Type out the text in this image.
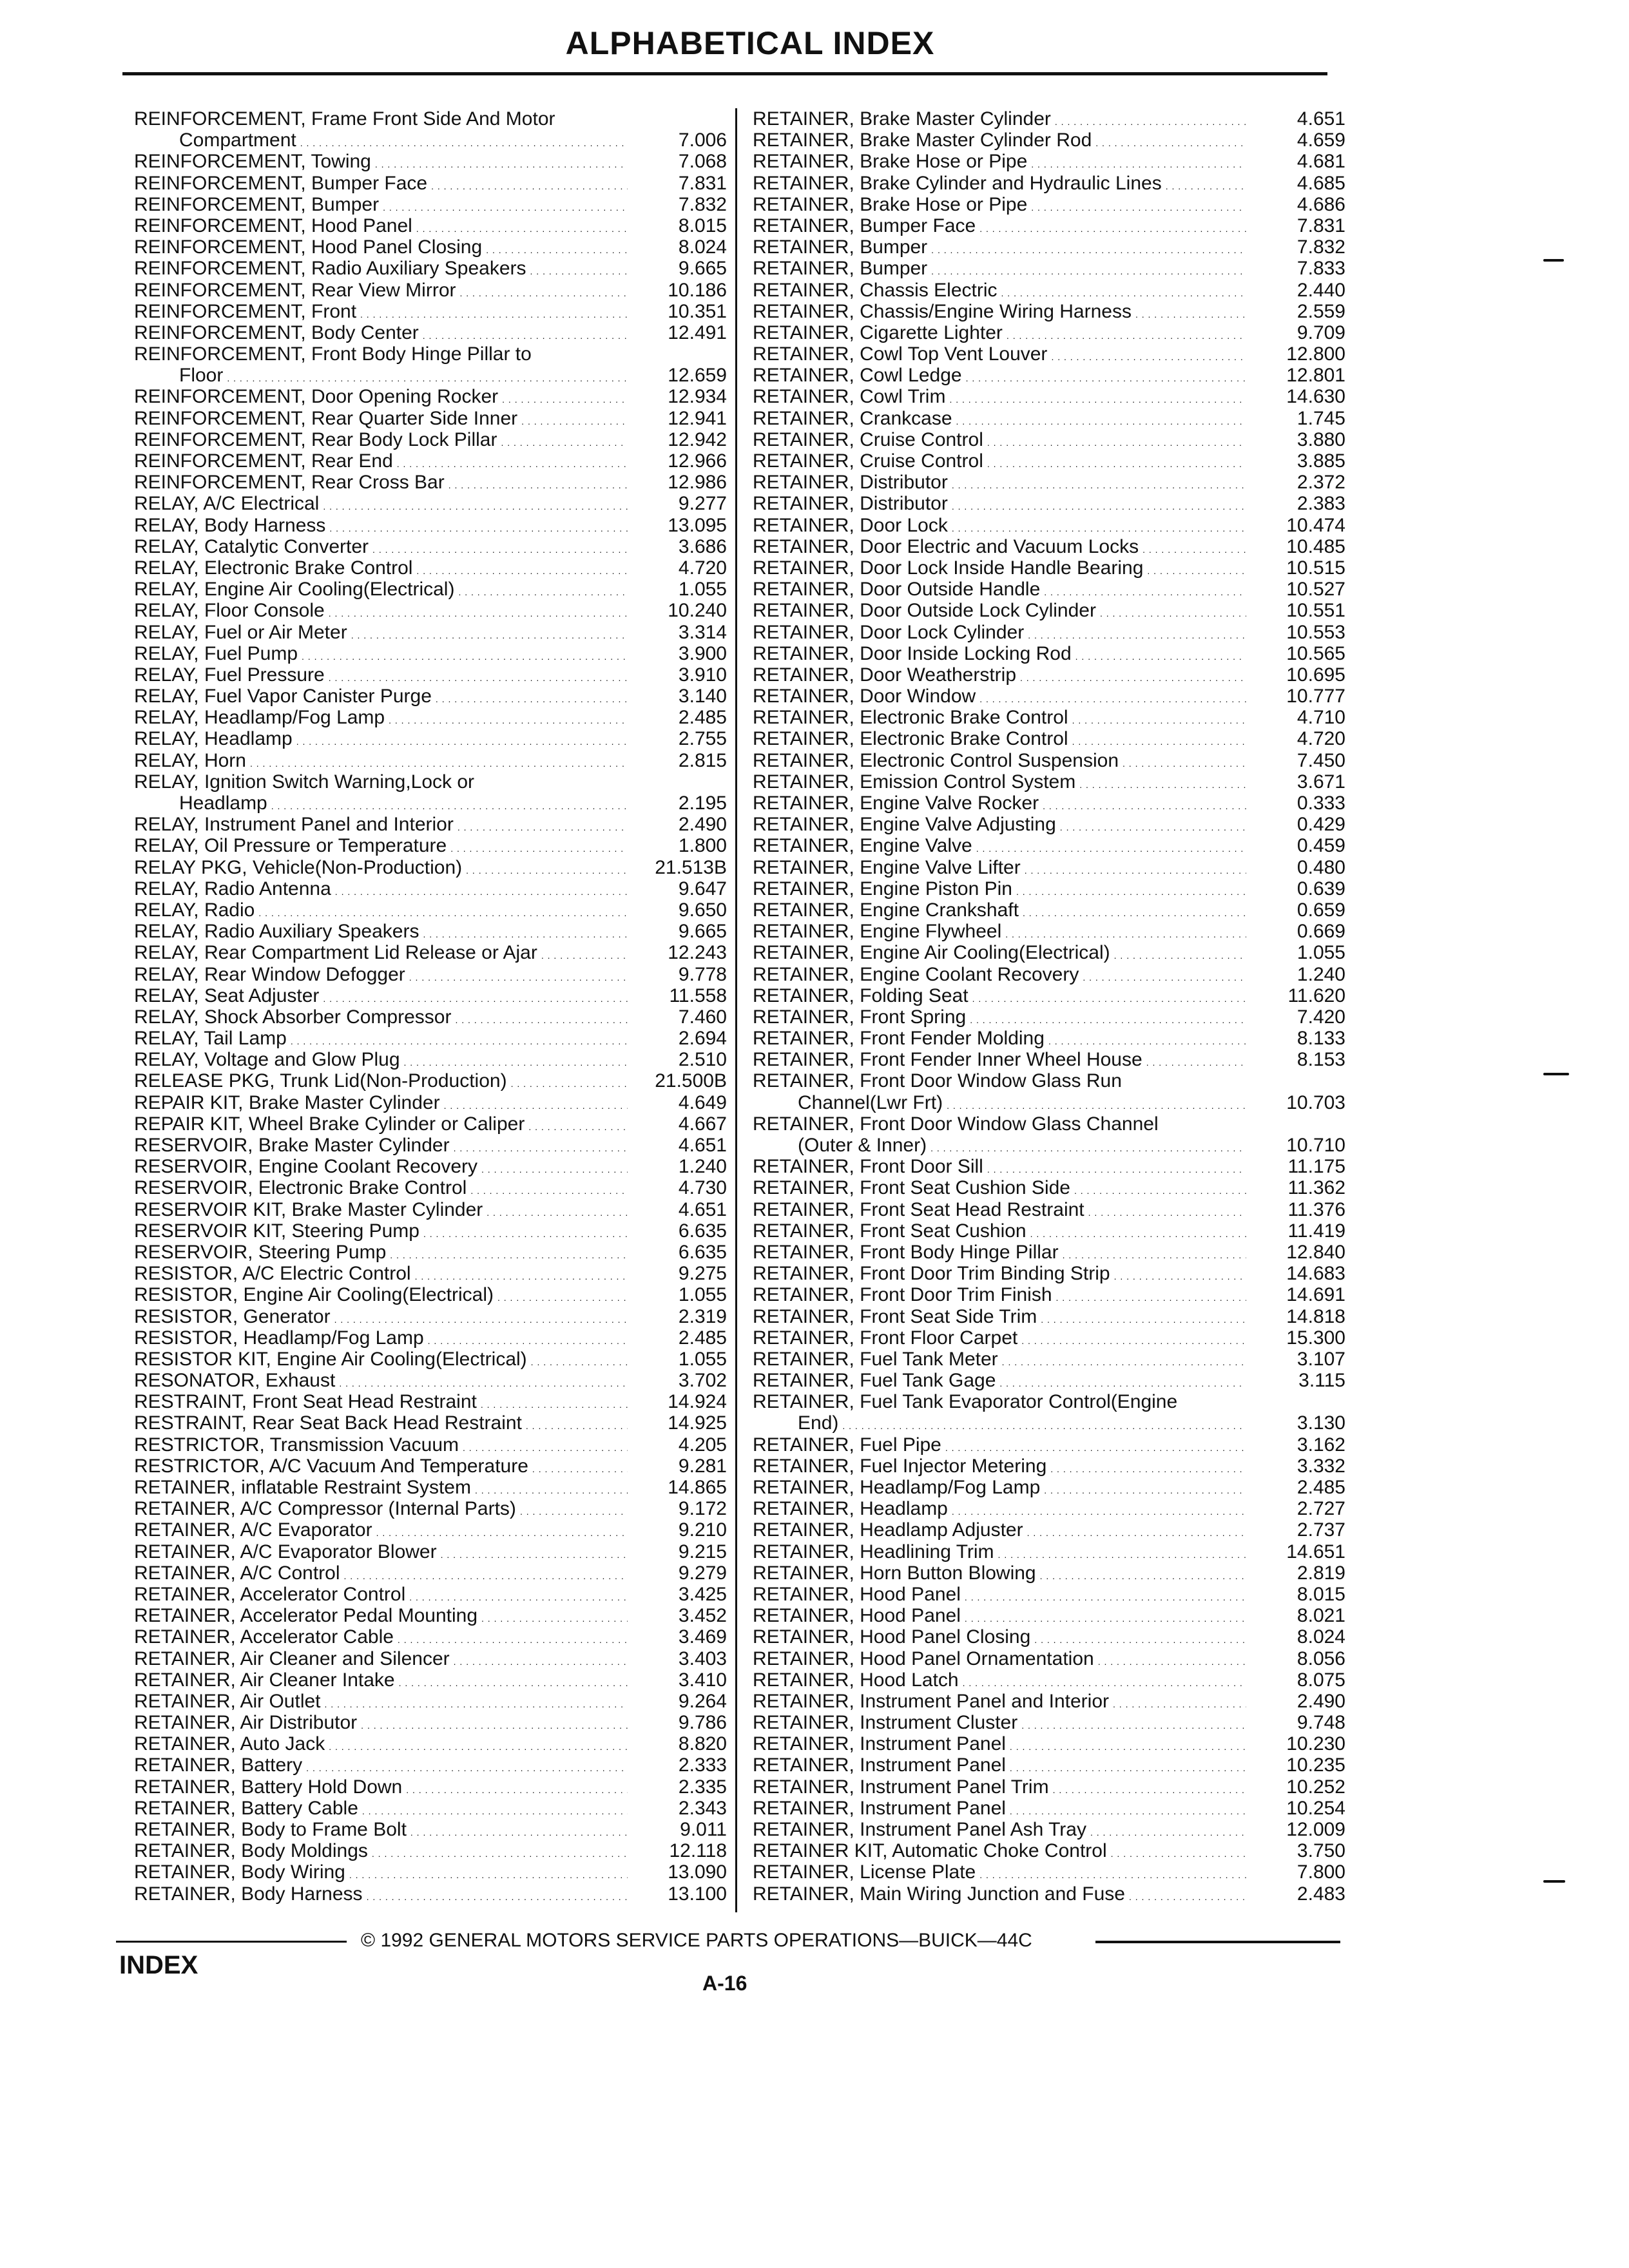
ALPHABETICAL INDEX
REINFORCEMENT, Frame Front Side And Motor
Compartment . . .	7.006
REINFORCEMENT, Towing . . .	7.068
REINFORCEMENT, Bumper Face . . .	7.831
REINFORCEMENT, Bumper . . .	7.832
REINFORCEMENT, Hood Panel . . .	8.015
REINFORCEMENT, Hood Panel Closing . . .	8.024
REINFORCEMENT, Radio Auxiliary Speakers . . .	9.665
REINFORCEMENT, Rear View Mirror . . .	10.186
REINFORCEMENT, Front . . .	10.351
REINFORCEMENT, Body Center . . .	12.491
REINFORCEMENT, Front Body Hinge Pillar to
Floor . . .	12.659
REINFORCEMENT, Door Opening Rocker . . .	12.934
REINFORCEMENT, Rear Quarter Side Inner . . .	12.941
REINFORCEMENT, Rear Body Lock Pillar . . .	12.942
REINFORCEMENT, Rear End . . .	12.966
REINFORCEMENT, Rear Cross Bar . . .	12.986
RELAY, A/C Electrical . . .	9.277
RELAY, Body Harness . . .	13.095
RELAY, Catalytic Converter . . .	3.686
RELAY, Electronic Brake Control . . .	4.720
RELAY, Engine Air Cooling(Electrical) . . .	1.055
RELAY, Floor Console . . .	10.240
RELAY, Fuel or Air Meter . . .	3.314
RELAY, Fuel Pump . . .	3.900
RELAY, Fuel Pressure . . .	3.910
RELAY, Fuel Vapor Canister Purge . . .	3.140
RELAY, Headlamp/Fog Lamp . . .	2.485
RELAY, Headlamp . . .	2.755
RELAY, Horn . . .	2.815
RELAY, Ignition Switch Warning,Lock or
Headlamp . . .	2.195
RELAY, Instrument Panel and Interior . . .	2.490
RELAY, Oil Pressure or Temperature . . .	1.800
RELAY PKG, Vehicle(Non-Production) . . .	21.513B
RELAY, Radio Antenna . . .	9.647
RELAY, Radio . . .	9.650
RELAY, Radio Auxiliary Speakers . . .	9.665
RELAY, Rear Compartment Lid Release or Ajar . . .	12.243
RELAY, Rear Window Defogger . . .	9.778
RELAY, Seat Adjuster . . .	11.558
RELAY, Shock Absorber Compressor . . .	7.460
RELAY, Tail Lamp . . .	2.694
RELAY, Voltage and Glow Plug . . .	2.510
RELEASE PKG, Trunk Lid(Non-Production) . . .	21.500B
REPAIR KIT, Brake Master Cylinder . . .	4.649
REPAIR KIT, Wheel Brake Cylinder or Caliper . . .	4.667
RESERVOIR, Brake Master Cylinder . . .	4.651
RESERVOIR, Engine Coolant Recovery . . .	1.240
RESERVOIR, Electronic Brake Control . . .	4.730
RESERVOIR KIT, Brake Master Cylinder . . .	4.651
RESERVOIR KIT, Steering Pump . . .	6.635
RESERVOIR, Steering Pump . . .	6.635
RESISTOR, A/C Electric Control . . .	9.275
RESISTOR, Engine Air Cooling(Electrical) . . .	1.055
RESISTOR, Generator . . .	2.319
RESISTOR, Headlamp/Fog Lamp . . .	2.485
RESISTOR KIT, Engine Air Cooling(Electrical) . . .	1.055
RESONATOR, Exhaust . . .	3.702
RESTRAINT, Front Seat Head Restraint . . .	14.924
RESTRAINT, Rear Seat Back Head Restraint . . .	14.925
RESTRICTOR, Transmission Vacuum . . .	4.205
RESTRICTOR, A/C Vacuum And Temperature . . .	9.281
RETAINER, inflatable Restraint System . . .	14.865
RETAINER, A/C Compressor (Internal Parts) . . .	9.172
RETAINER, A/C Evaporator . . .	9.210
RETAINER, A/C Evaporator Blower . . .	9.215
RETAINER, A/C Control . . .	9.279
RETAINER, Accelerator Control . . .	3.425
RETAINER, Accelerator Pedal Mounting . . .	3.452
RETAINER, Accelerator Cable . . .	3.469
RETAINER, Air Cleaner and Silencer . . .	3.403
RETAINER, Air Cleaner Intake . . .	3.410
RETAINER, Air Outlet . . .	9.264
RETAINER, Air Distributor . . .	9.786
RETAINER, Auto Jack . . .	8.820
RETAINER, Battery . . .	2.333
RETAINER, Battery Hold Down . . .	2.335
RETAINER, Battery Cable . . .	2.343
RETAINER, Body to Frame Bolt . . .	9.011
RETAINER, Body Moldings . . .	12.118
RETAINER, Body Wiring . . .	13.090
RETAINER, Body Harness . . .	13.100
RETAINER, Brake Master Cylinder . . .	4.651
RETAINER, Brake Master Cylinder Rod . . .	4.659
RETAINER, Brake Hose or Pipe . . .	4.681
RETAINER, Brake Cylinder and Hydraulic Lines . . .	4.685
RETAINER, Brake Hose or Pipe . . .	4.686
RETAINER, Bumper Face . . .	7.831
RETAINER, Bumper . . .	7.832
RETAINER, Bumper . . .	7.833
RETAINER, Chassis Electric . . .	2.440
RETAINER, Chassis/Engine Wiring Harness . . .	2.559
RETAINER, Cigarette Lighter . . .	9.709
RETAINER, Cowl Top Vent Louver . . .	12.800
RETAINER, Cowl Ledge . . .	12.801
RETAINER, Cowl Trim . . .	14.630
RETAINER, Crankcase . . .	1.745
RETAINER, Cruise Control . . .	3.880
RETAINER, Cruise Control . . .	3.885
RETAINER, Distributor . . .	2.372
RETAINER, Distributor . . .	2.383
RETAINER, Door Lock . . .	10.474
RETAINER, Door Electric and Vacuum Locks . . .	10.485
RETAINER, Door Lock Inside Handle Bearing . . .	10.515
RETAINER, Door Outside Handle . . .	10.527
RETAINER, Door Outside Lock Cylinder . . .	10.551
RETAINER, Door Lock Cylinder . . .	10.553
RETAINER, Door Inside Locking Rod . . .	10.565
RETAINER, Door Weatherstrip . . .	10.695
RETAINER, Door Window . . .	10.777
RETAINER, Electronic Brake Control . . .	4.710
RETAINER, Electronic Brake Control . . .	4.720
RETAINER, Electronic Control Suspension . . .	7.450
RETAINER, Emission Control System . . .	3.671
RETAINER, Engine Valve Rocker . . .	0.333
RETAINER, Engine Valve Adjusting . . .	0.429
RETAINER, Engine Valve . . .	0.459
RETAINER, Engine Valve Lifter . . .	0.480
RETAINER, Engine Piston Pin . . .	0.639
RETAINER, Engine Crankshaft . . .	0.659
RETAINER, Engine Flywheel . . .	0.669
RETAINER, Engine Air Cooling(Electrical) . . .	1.055
RETAINER, Engine Coolant Recovery . . .	1.240
RETAINER, Folding Seat . . .	11.620
RETAINER, Front Spring . . .	7.420
RETAINER, Front Fender Molding . . .	8.133
RETAINER, Front Fender Inner Wheel House . . .	8.153
RETAINER, Front Door Window Glass Run
Channel(Lwr Frt) . . .	10.703
RETAINER, Front Door Window Glass Channel
(Outer & Inner) . . .	10.710
RETAINER, Front Door Sill . . .	11.175
RETAINER, Front Seat Cushion Side . . .	11.362
RETAINER, Front Seat Head Restraint . . .	11.376
RETAINER, Front Seat Cushion . . .	11.419
RETAINER, Front Body Hinge Pillar . . .	12.840
RETAINER, Front Door Trim Binding Strip . . .	14.683
RETAINER, Front Door Trim Finish . . .	14.691
RETAINER, Front Seat Side Trim . . .	14.818
RETAINER, Front Floor Carpet . . .	15.300
RETAINER, Fuel Tank Meter . . .	3.107
RETAINER, Fuel Tank Gage . . .	3.115
RETAINER, Fuel Tank Evaporator Control(Engine
End) . . .	3.130
RETAINER, Fuel Pipe . . .	3.162
RETAINER, Fuel Injector Metering . . .	3.332
RETAINER, Headlamp/Fog Lamp . . .	2.485
RETAINER, Headlamp . . .	2.727
RETAINER, Headlamp Adjuster . . .	2.737
RETAINER, Headlining Trim . . .	14.651
RETAINER, Horn Button Blowing . . .	2.819
RETAINER, Hood Panel . . .	8.015
RETAINER, Hood Panel . . .	8.021
RETAINER, Hood Panel Closing . . .	8.024
RETAINER, Hood Panel Ornamentation . . .	8.056
RETAINER, Hood Latch . . .	8.075
RETAINER, Instrument Panel and Interior . . .	2.490
RETAINER, Instrument Cluster . . .	9.748
RETAINER, Instrument Panel . . .	10.230
RETAINER, Instrument Panel . . .	10.235
RETAINER, Instrument Panel Trim . . .	10.252
RETAINER, Instrument Panel . . .	10.254
RETAINER, Instrument Panel Ash Tray . . .	12.009
RETAINER KIT, Automatic Choke Control . . .	3.750
RETAINER, License Plate . . .	7.800
RETAINER, Main Wiring Junction and Fuse . . .	2.483
© 1992 GENERAL MOTORS SERVICE PARTS OPERATIONS—BUICK—44C
INDEX
A-16
